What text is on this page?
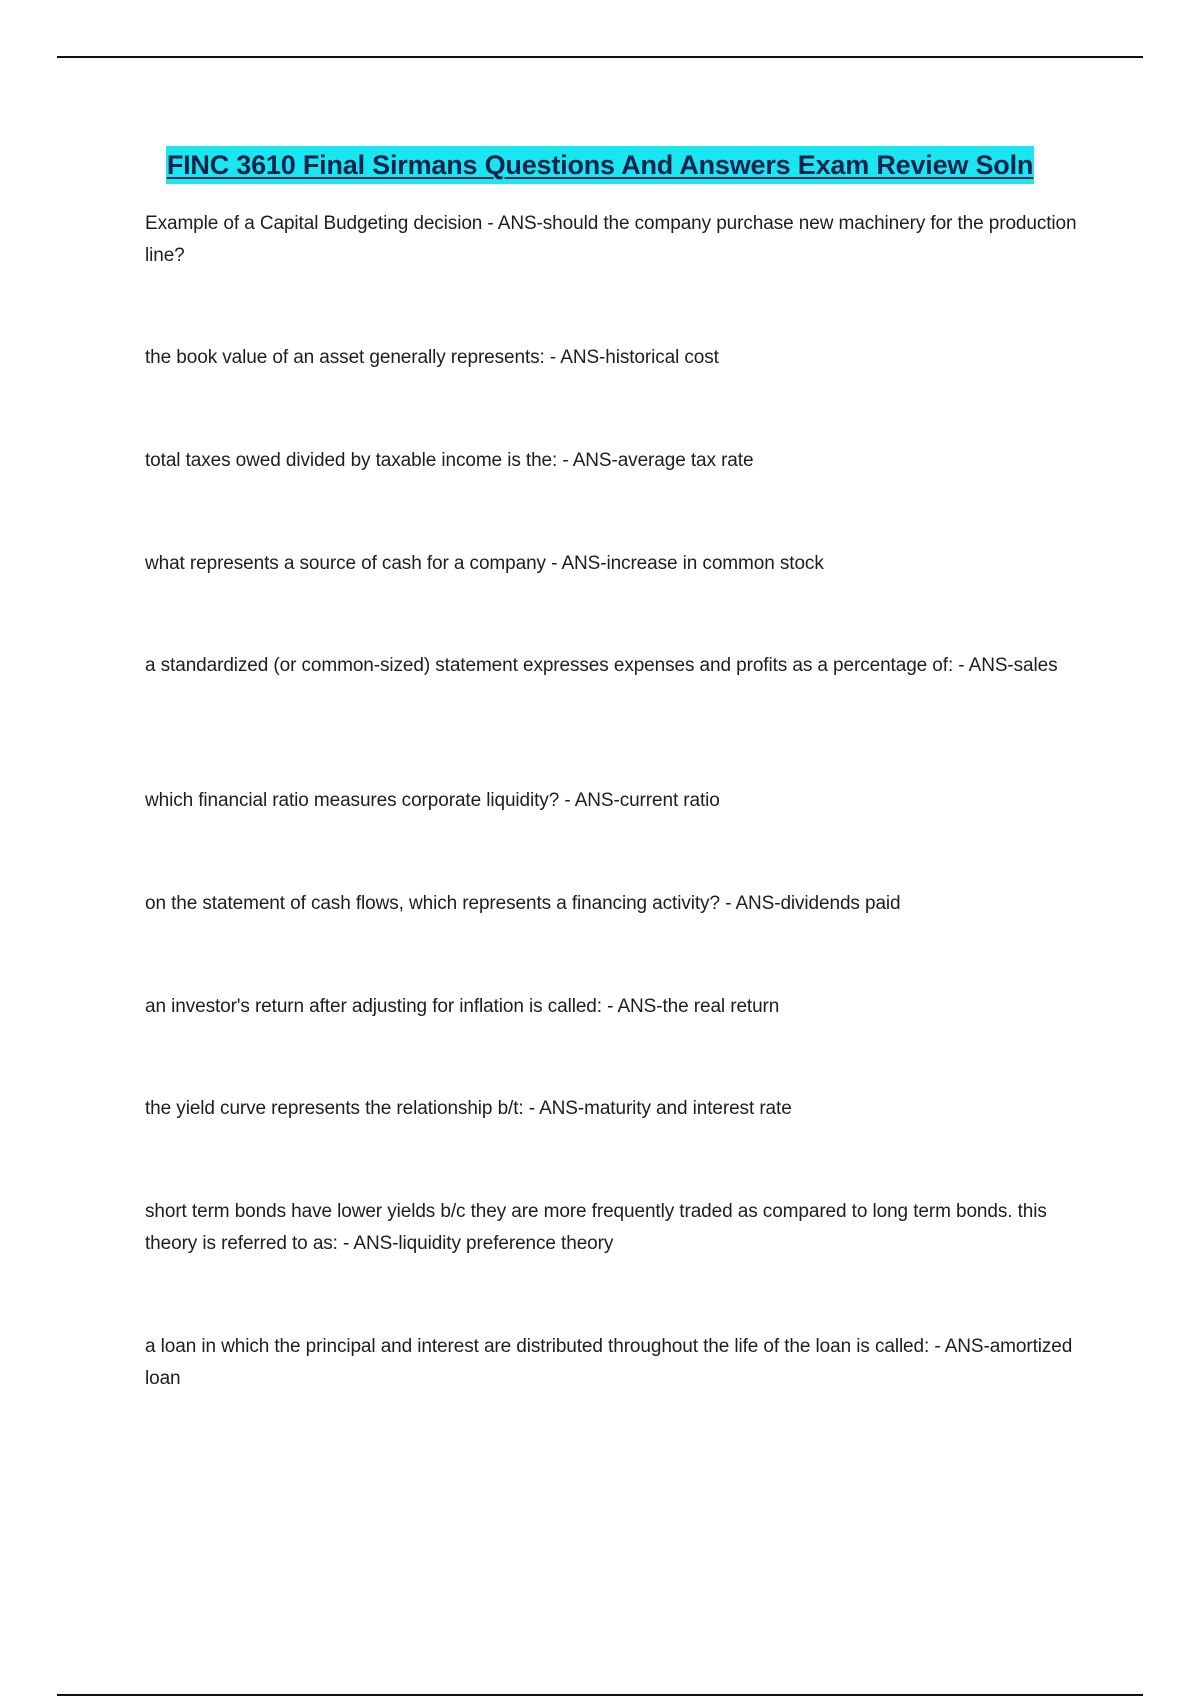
FINC 3610 Final Sirmans Questions And Answers Exam Review Soln
Example of a Capital Budgeting decision - ANS-should the company purchase new machinery for the production line?
the book value of an asset generally represents: - ANS-historical cost
total taxes owed divided by taxable income is the: - ANS-average tax rate
what represents a source of cash for a company - ANS-increase in common stock
a standardized (or common-sized) statement expresses expenses and profits as a percentage of: - ANS-sales
which financial ratio measures corporate liquidity? - ANS-current ratio
on the statement of cash flows, which represents a financing activity? - ANS-dividends paid
an investor's return after adjusting for inflation is called: - ANS-the real return
the yield curve represents the relationship b/t: - ANS-maturity and interest rate
short term bonds have lower yields b/c they are more frequently traded as compared to long term bonds. this theory is referred to as: - ANS-liquidity preference theory
a loan in which the principal and interest are distributed throughout the life of the loan is called: - ANS-amortized loan
